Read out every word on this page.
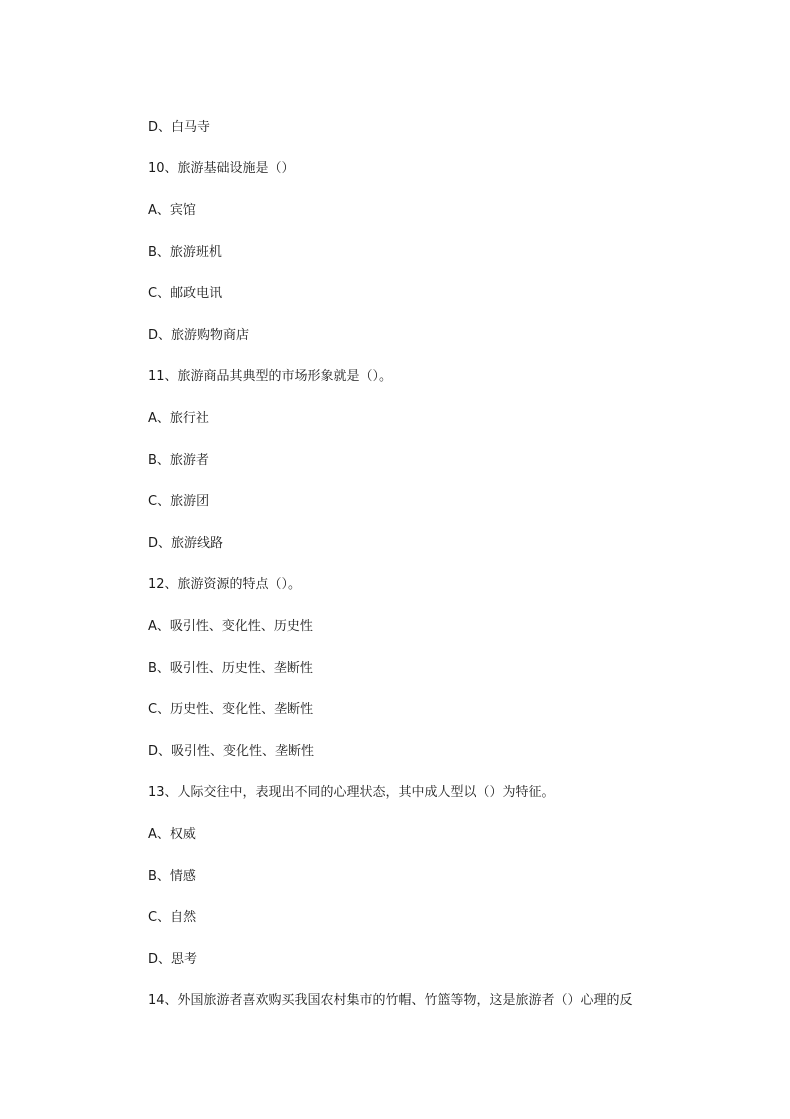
D、白马寺
10、旅游基础设施是（）
A、宾馆
B、旅游班机
C、邮政电讯
D、旅游购物商店
11、旅游商品其典型的市场形象就是（）。
A、旅行社
B、旅游者
C、旅游团
D、旅游线路
12、旅游资源的特点（）。
A、吸引性、变化性、历史性
B、吸引性、历史性、垄断性
C、历史性、变化性、垄断性
D、吸引性、变化性、垄断性
13、人际交往中，表现出不同的心理状态，其中成人型以（）为特征。
A、权威
B、情感
C、自然
D、思考
14、外国旅游者喜欢购买我国农村集市的竹帽、竹篮等物，这是旅游者（）心理的反
